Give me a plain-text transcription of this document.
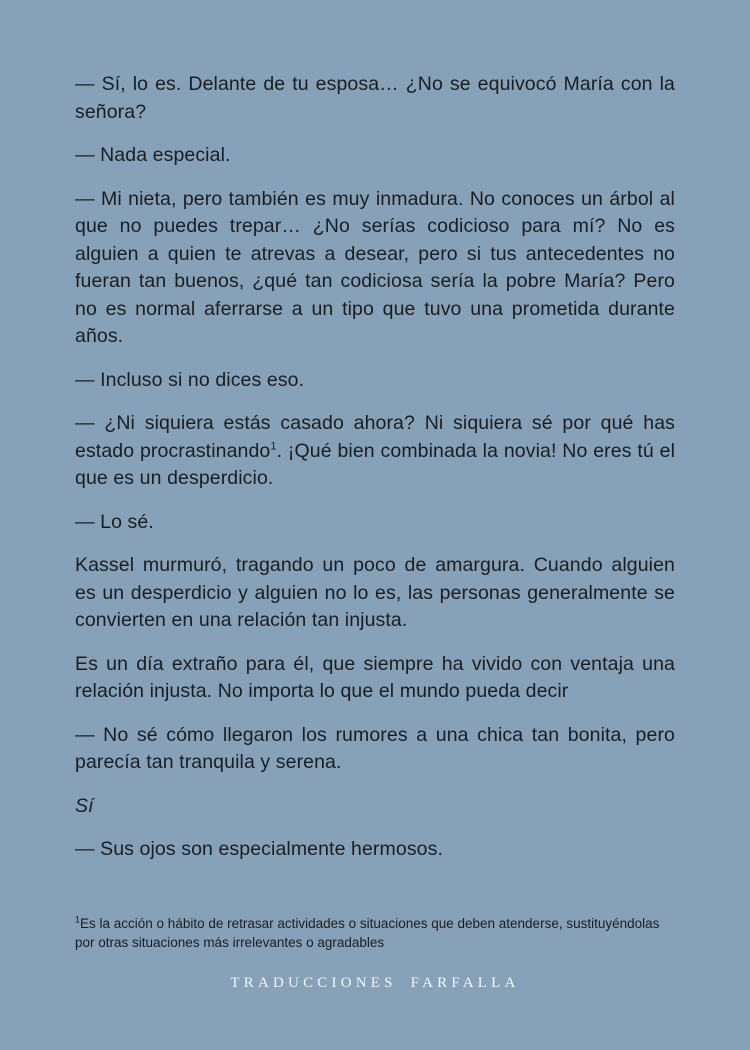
— Sí, lo es. Delante de tu esposa… ¿No se equivocó María con la señora?

— Nada especial.

— Mi nieta, pero también es muy inmadura. No conoces un árbol al que no puedes trepar… ¿No serías codicioso para mí? No es alguien a quien te atrevas a desear, pero si tus antecedentes no fueran tan buenos, ¿qué tan codiciosa sería la pobre María? Pero no es normal aferrarse a un tipo que tuvo una prometida durante años.

— Incluso si no dices eso.

— ¿Ni siquiera estás casado ahora? Ni siquiera sé por qué has estado procrastinando$^1$. ¡Qué bien combinada la novia! No eres tú el que es un desperdicio.

— Lo sé.

Kassel murmuró, tragando un poco de amargura. Cuando alguien es un desperdicio y alguien no lo es, las personas generalmente se convierten en una relación tan injusta.

Es un día extraño para él, que siempre ha vivido con ventaja una relación injusta. No importa lo que el mundo pueda decir

— No sé cómo llegaron los rumores a una chica tan bonita, pero parecía tan tranquila y serena.

Sí

— Sus ojos son especialmente hermosos.

$^1$Es la acción o hábito de retrasar actividades o situaciones que deben atenderse, sustituyéndolas por otras situaciones más irrelevantes o agradables
TRADUCCIONES FARFALLA
